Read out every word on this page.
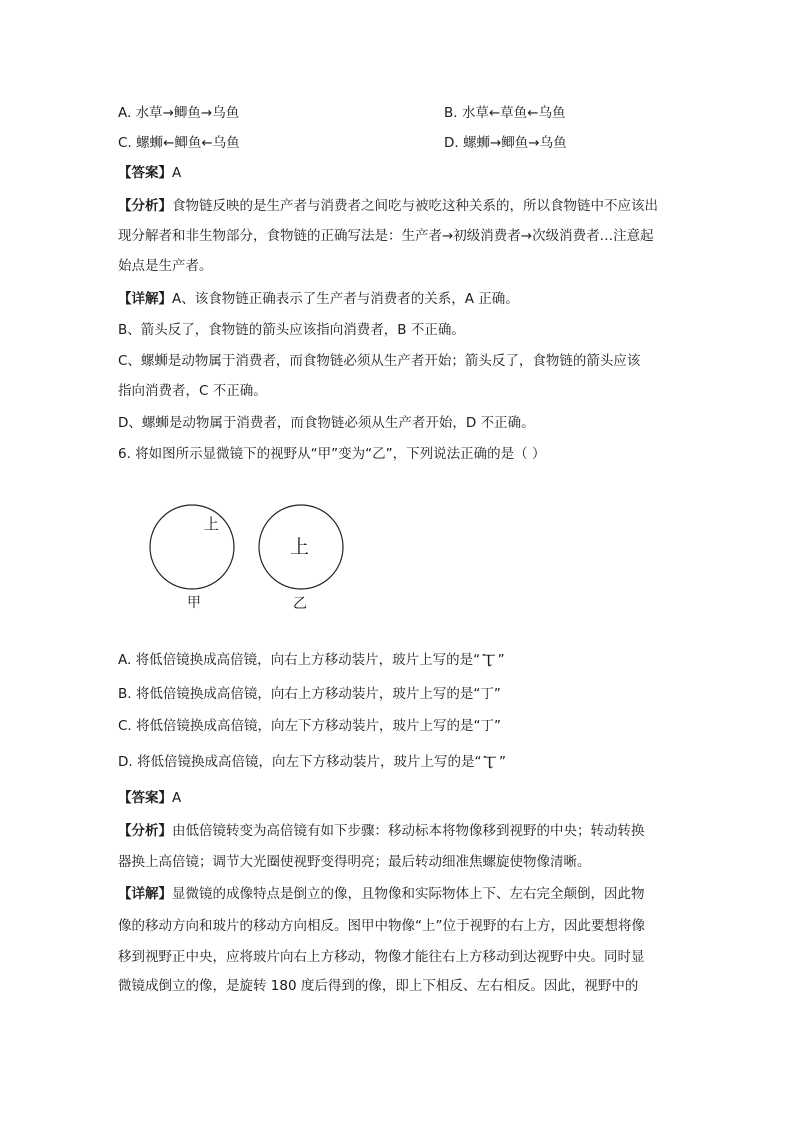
A. 水草→鲫鱼→乌鱼	B. 水草←草鱼←乌鱼
C. 螺蛳←鲫鱼←乌鱼	D. 螺蛳→鲫鱼→乌鱼
【答案】A
【分析】食物链反映的是生产者与消费者之间吃与被吃这种关系的，所以食物链中不应该出
现分解者和非生物部分，食物链的正确写法是：生产者→初级消费者→次级消费者…注意起
始点是生产者。
【详解】A、该食物链正确表示了生产者与消费者的关系，A 正确。
B、箭头反了，食物链的箭头应该指向消费者，B 不正确。
C、螺蛳是动物属于消费者，而食物链必须从生产者开始；箭头反了，食物链的箭头应该
指向消费者，C 不正确。
D、螺蛳是动物属于消费者，而食物链必须从生产者开始，D 不正确。
6. 将如图所示显微镜下的视野从“甲”变为“乙”，下列说法正确的是（ ）
上
上
甲	乙
A. 将低倍镜换成高倍镜，向右上方移动装片，玻片上写的是“ 丁 ”
B. 将低倍镜换成高倍镜，向右上方移动装片，玻片上写的是“丁”
C. 将低倍镜换成高倍镜，向左下方移动装片，玻片上写的是“丁”
D. 将低倍镜换成高倍镜，向左下方移动装片，玻片上写的是“ 丁 ”
【答案】A
【分析】由低倍镜转变为高倍镜有如下步骤：移动标本将物像移到视野的中央；转动转换
器换上高倍镜；调节大光圈使视野变得明亮；最后转动细准焦螺旋使物像清晰。
【详解】显微镜的成像特点是倒立的像，且物像和实际物体上下、左右完全颠倒，因此物
像的移动方向和玻片的移动方向相反。图甲中物像“上”位于视野的右上方，因此要想将像
移到视野正中央，应将玻片向右上方移动，物像才能往右上方移动到达视野中央。同时显
微镜成倒立的像，是旋转 180 度后得到的像，即上下相反、左右相反。因此，视野中的
